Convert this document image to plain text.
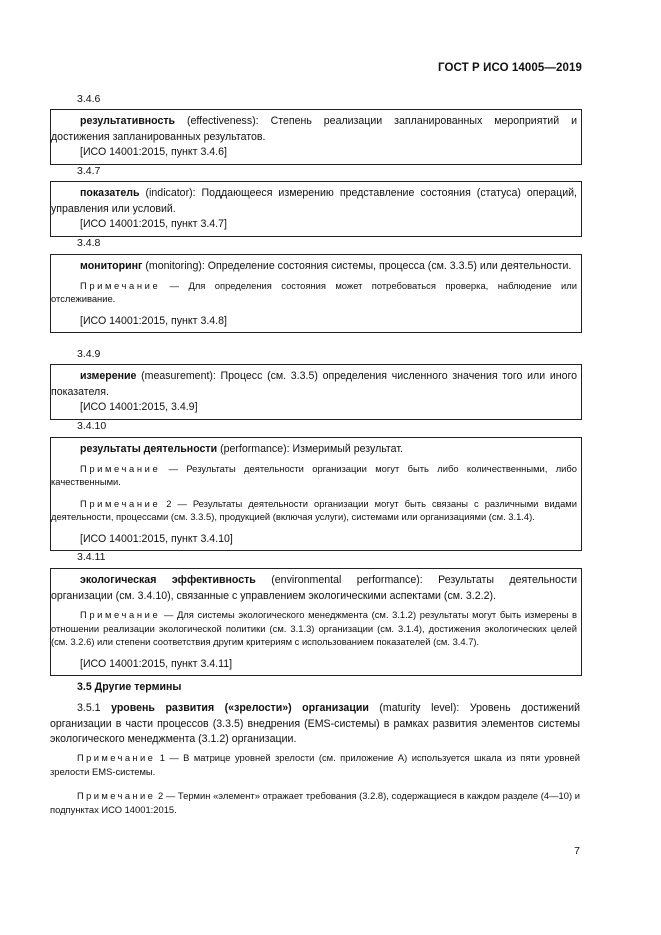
ГОСТ Р ИСО 14005—2019
3.4.6

результативность (effectiveness): Степень реализации запланированных мероприятий и достижения запланированных результатов.

[ИСО 14001:2015, пункт 3.4.6]

3.4.7

показатель (indicator): Поддающееся измерению представление состояния (статуса) операций, управления или условий.

[ИСО 14001:2015, пункт 3.4.7]

3.4.8

мониторинг (monitoring): Определение состояния системы, процесса (см. 3.3.5) или деятельности.

Примечание — Для определения состояния может потребоваться проверка, наблюдение или отслеживание.

[ИСО 14001:2015, пункт 3.4.8]

3.4.9

измерение (measurement): Процесс (см. 3.3.5) определения численного значения того или иного показателя.

[ИСО 14001:2015, 3.4.9]

3.4.10

результаты деятельности (performance): Измеримый результат.

Примечание — Результаты деятельности организации могут быть либо количественными, либо качественными.

Примечание 2 — Результаты деятельности организации могут быть связаны с различными видами деятельности, процессами (см. 3.3.5), продукцией (включая услуги), системами или организациями (см. 3.1.4).

[ИСО 14001:2015, пункт 3.4.10]

3.4.11

экологическая эффективность (environmental performance): Результаты деятельности организации (см. 3.4.10), связанные с управлением экологическими аспектами (см. 3.2.2).

Примечание — Для системы экологического менеджмента (см. 3.1.2) результаты могут быть измерены в отношении реализации экологической политики (см. 3.1.3) организации (см. 3.1.4), достижения экологических целей (см. 3.2.6) или степени соответствия другим критериям с использованием показателей (см. 3.4.7).

[ИСО 14001:2015, пункт 3.4.11]

3.5 Другие термины

3.5.1 уровень развития («зрелости») организации (maturity level): Уровень достижений организации в части процессов (3.3.5) внедрения (EMS-системы) в рамках развития элементов системы экологического менеджмента (3.1.2) организации.

Примечание 1 — В матрице уровней зрелости (см. приложение А) используется шкала из пяти уровней зрелости EMS-системы.

Примечание 2 — Термин «элемент» отражает требования (3.2.8), содержащиеся в каждом разделе (4—10) и подпунктах ИСО 14001:2015.

7
